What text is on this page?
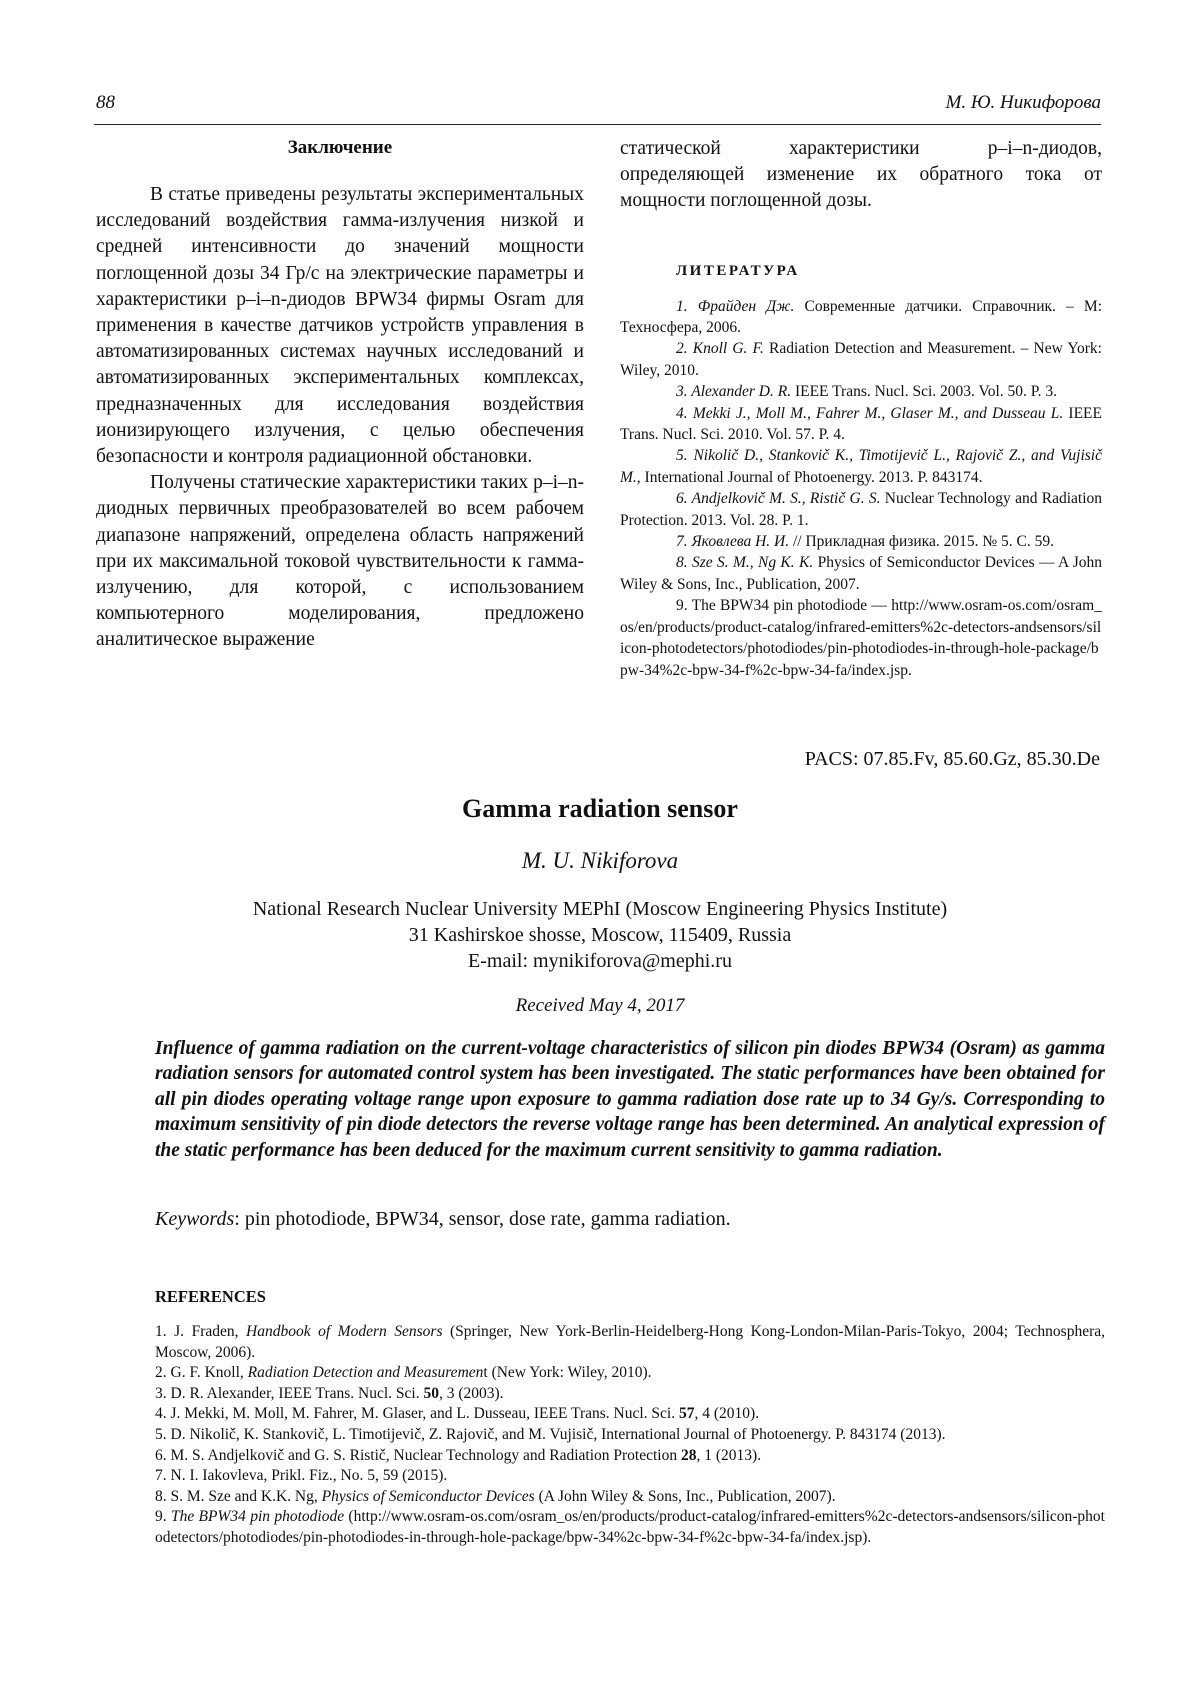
88	М. Ю. Никифорова
Заключение

В статье приведены результаты экспериментальных исследований воздействия гамма-излучения низкой и средней интенсивности до значений мощности поглощенной дозы 34 Гр/с на электрические параметры и характеристики p–i–n-диодов BPW34 фирмы Osram для применения в качестве датчиков устройств управления в автоматизированных системах научных исследований и автоматизированных экспериментальных комплексах, предназначенных для исследования воздействия ионизирующего излучения, с целью обеспечения безопасности и контроля радиационной обстановки.

Получены статические характеристики таких p–i–n-диодных первичных преобразователей во всем рабочем диапазоне напряжений, определена область напряжений при их максимальной токовой чувствительности к гамма-излучению, для которой, с использованием компьютерного моделирования, предложено аналитическое выражение

статической характеристики p–i–n-диодов, определяющей изменение их обратного тока от мощности поглощенной дозы.

ЛИТЕРАТУРА

1. Фрайден Дж. Современные датчики. Справочник. – М: Техносфера, 2006.

2. Knoll G. F. Radiation Detection and Measurement. – New York: Wiley, 2010.

3. Alexander D. R. IEEE Trans. Nucl. Sci. 2003. Vol. 50. P. 3.

4. Mekki J., Moll M., Fahrer M., Glaser M., and Dusseau L. IEEE Trans. Nucl. Sci. 2010. Vol. 57. P. 4.

5. Nikolič D., Stankovič K., Timotijevič L., Rajovič Z., and Vujisič M., International Journal of Photoenergy. 2013. P. 843174.

6. Andjelkovič M. S., Ristič G. S. Nuclear Technology and Radiation Protection. 2013. Vol. 28. P. 1.

7. Яковлева Н. И. // Прикладная физика. 2015. № 5. С. 59.

8. Sze S. M., Ng K. K. Physics of Semiconductor Devices — A John Wiley & Sons, Inc., Publication, 2007.

9. The BPW34 pin photodiode — http://www.osram-os.com/osram_os/en/products/product-catalog/infrared-emitters%2c-detectors-andsensors/silicon-photodetectors/photodiodes/pin-photodiodes-in-through-hole-package/bpw-34%2c-bpw-34-f%2c-bpw-34-fa/index.jsp.

PACS: 07.85.Fv, 85.60.Gz, 85.30.De
Gamma radiation sensor
M. U. Nikiforova
National Research Nuclear University MEPhI (Moscow Engineering Physics Institute)
31 Kashirskoe shosse, Moscow, 115409, Russia
E-mail: mynikiforova@mephi.ru
Received May 4, 2017
Influence of gamma radiation on the current-voltage characteristics of silicon pin diodes BPW34 (Osram) as gamma radiation sensors for automated control system has been investigated. The static performances have been obtained for all pin diodes operating voltage range upon exposure to gamma radiation dose rate up to 34 Gy/s. Corresponding to maximum sensitivity of pin diode detectors the reverse voltage range has been determined. An analytical expression of the static performance has been deduced for the maximum current sensitivity to gamma radiation.
Keywords: pin photodiode, BPW34, sensor, dose rate, gamma radiation.
REFERENCES

1. J. Fraden, Handbook of Modern Sensors (Springer, New York-Berlin-Heidelberg-Hong Kong-London-Milan-Paris-Tokyo, 2004; Technosphera, Moscow, 2006).

2. G. F. Knoll, Radiation Detection and Measurement (New York: Wiley, 2010).

3. D. R. Alexander, IEEE Trans. Nucl. Sci. 50, 3 (2003).

4. J. Mekki, M. Moll, M. Fahrer, M. Glaser, and L. Dusseau, IEEE Trans. Nucl. Sci. 57, 4 (2010).

5. D. Nikolič, K. Stankovič, L. Timotijevič, Z. Rajovič, and M. Vujisič, International Journal of Photoenergy. P. 843174 (2013).

6. M. S. Andjelkovič and G. S. Ristič, Nuclear Technology and Radiation Protection 28, 1 (2013).

7. N. I. Iakovleva, Prikl. Fiz., No. 5, 59 (2015).

8. S. M. Sze and K.K. Ng, Physics of Semiconductor Devices (A John Wiley & Sons, Inc., Publication, 2007).

9. The BPW34 pin photodiode (http://www.osram-os.com/osram_os/en/products/product-catalog/infrared-emitters%2c-detectors-andsensors/silicon-photodetectors/photodiodes/pin-photodiodes-in-through-hole-package/bpw-34%2c-bpw-34-f%2c-bpw-34-fa/index.jsp).
